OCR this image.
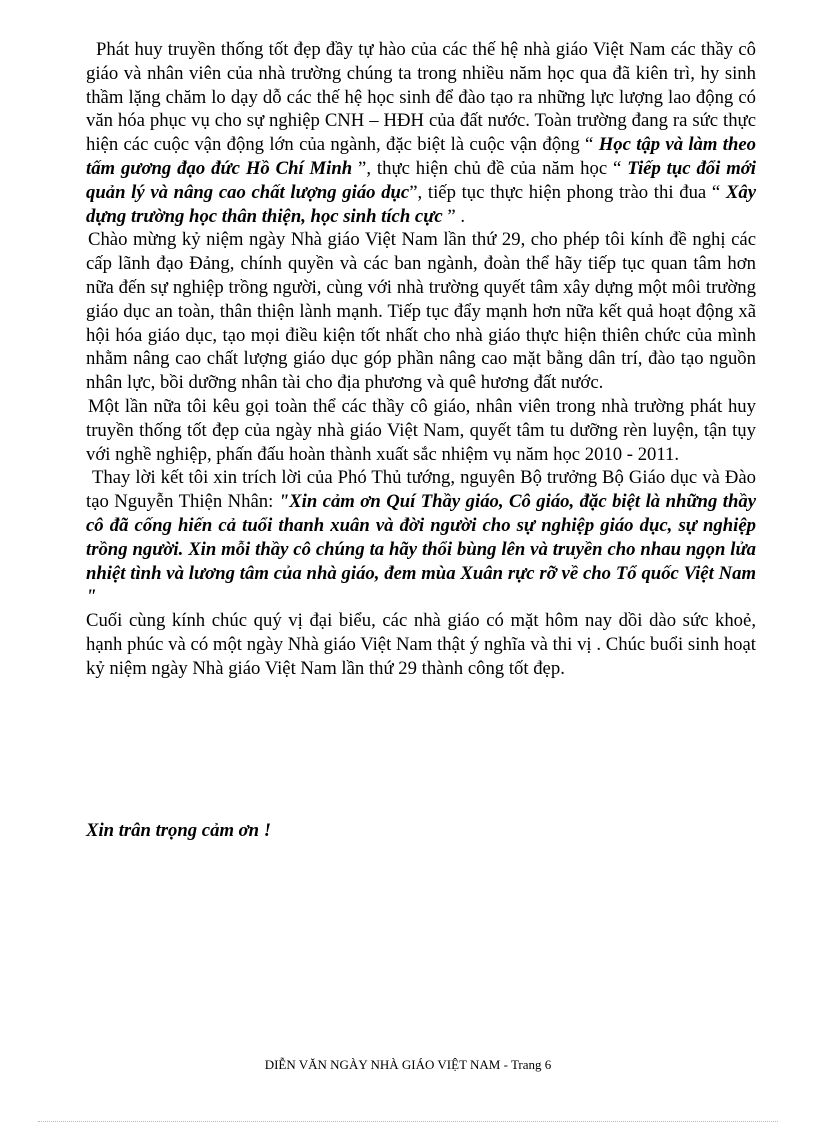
Phát huy truyền thống tốt đẹp đầy tự hào của các thế hệ nhà giáo Việt Nam các thầy cô giáo và nhân viên của nhà trường chúng ta trong nhiều năm học qua đã kiên trì, hy sinh thầm lặng chăm lo dạy dỗ các thế hệ học sinh để đào tạo ra những lực lượng lao động có văn hóa phục vụ cho sự nghiệp CNH – HĐH của đất nước. Toàn trường đang ra sức thực hiện các cuộc vận động lớn của ngành, đặc biệt là cuộc vận động “ Học tập và làm theo tấm gương đạo đức Hồ Chí Minh ”, thực hiện chủ đề của năm học “ Tiếp tục đổi mới quản lý và nâng cao chất lượng giáo dục”, tiếp tục thực hiện phong trào thi đua “ Xây dựng trường học thân thiện, học sinh tích cực ” .

Chào mừng kỷ niệm ngày Nhà giáo Việt Nam lần thứ 29, cho phép tôi kính đề nghị các cấp lãnh đạo Đảng, chính quyền và các ban ngành, đoàn thể hãy tiếp tục quan tâm hơn nữa đến sự nghiệp trồng người, cùng với nhà trường quyết tâm xây dựng một môi trường giáo dục an toàn, thân thiện lành mạnh. Tiếp tục đẩy mạnh hơn nữa kết quả hoạt động xã hội hóa giáo dục, tạo mọi điều kiện tốt nhất cho nhà giáo thực hiện thiên chức của mình nhằm nâng cao chất lượng giáo dục góp phần nâng cao mặt bằng dân trí, đào tạo nguồn nhân lực, bồi dưỡng nhân tài cho địa phương và quê hương đất nước.

Một lần nữa tôi kêu gọi toàn thể các thầy cô giáo, nhân viên trong nhà trường phát huy truyền thống tốt đẹp của ngày nhà giáo Việt Nam, quyết tâm tu dưỡng rèn luyện, tận tụy với nghề nghiệp, phấn đấu hoàn thành xuất sắc nhiệm vụ năm học 2010 - 2011.

Thay lời kết tôi xin trích lời của Phó Thủ tướng, nguyên Bộ trưởng Bộ Giáo dục và Đào tạo Nguyễn Thiện Nhân: "Xin cảm ơn Quí Thầy giáo, Cô giáo, đặc biệt là những thầy cô đã cống hiến cả tuổi thanh xuân và đời người cho sự nghiệp giáo dục, sự nghiệp trồng người. Xin mỗi thầy cô chúng ta hãy thổi bùng lên và truyền cho nhau ngọn lửa nhiệt tình và lương tâm của nhà giáo, đem mùa Xuân rực rỡ về cho Tổ quốc Việt Nam "

Cuối cùng kính chúc quý vị đại biểu, các nhà giáo có mặt hôm nay dồi dào sức khoẻ, hạnh phúc và có một ngày Nhà giáo Việt Nam thật ý nghĩa và thi vị . Chúc buổi sinh hoạt kỷ niệm ngày Nhà giáo Việt Nam lần thứ 29 thành công tốt đẹp.

Xin trân trọng cảm ơn !
DIỄN VĂN NGÀY NHÀ GIÁO VIỆT NAM - Trang 6
